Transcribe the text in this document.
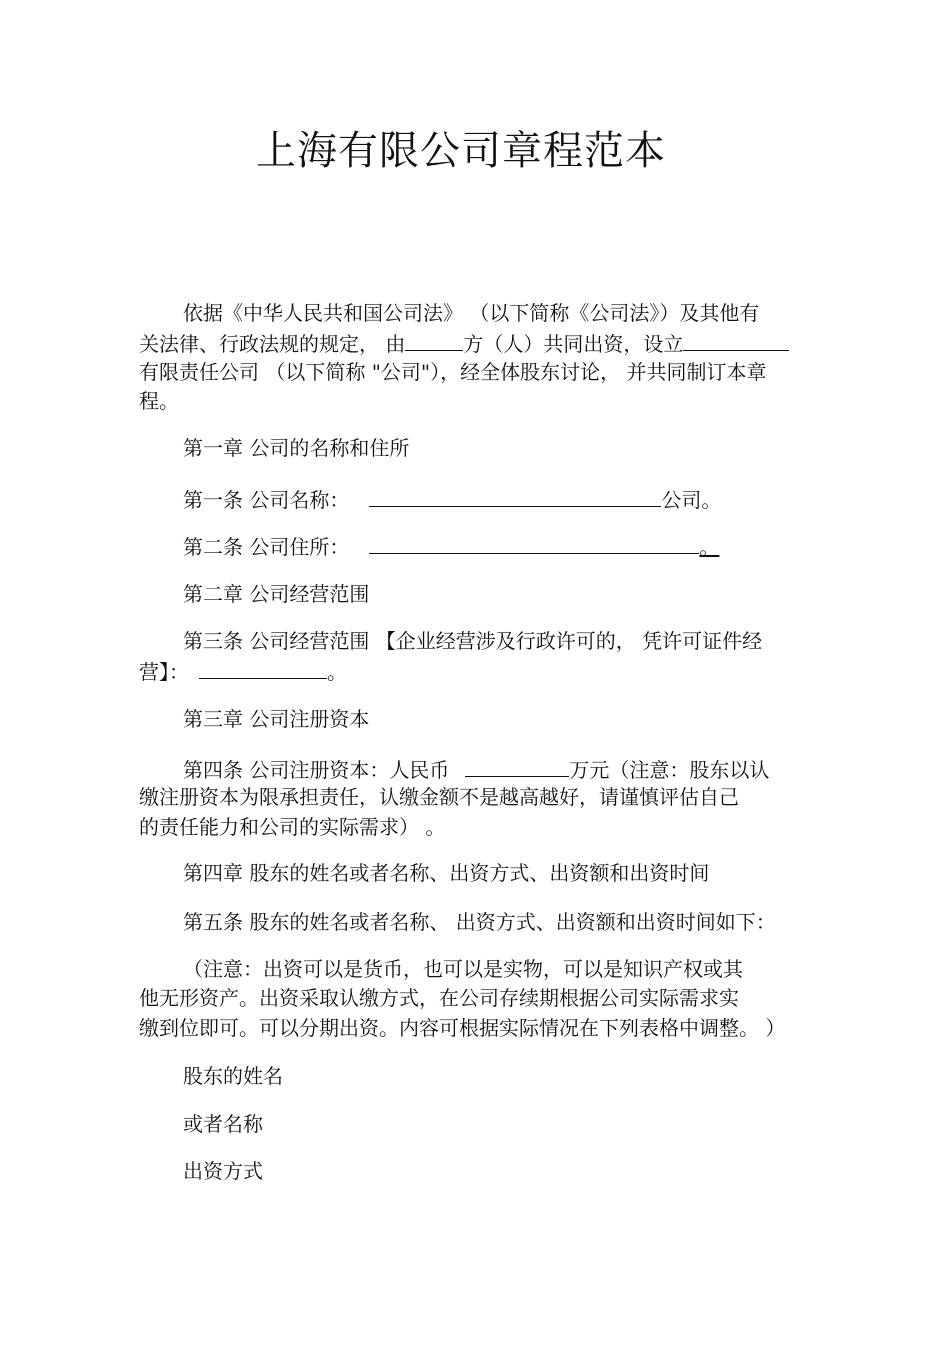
上海有限公司章程范本

依据《中华人民共和国公司法》 （以下简称《公司法》）及其他有

关法律、行政法规的规定， 由	方（人）共同出资，设立

有限责任公司 （以下简称 "公司"），经全体股东讨论， 并共同制订本章

程。

第一章 公司的名称和住所

第一条 公司名称：	公司。

第二条 公司住所：	。

第二章 公司经营范围

第三条 公司经营范围 【企业经营涉及行政许可的， 凭许可证件经

营】：	。

第三章 公司注册资本

第四条 公司注册资本：人民币	万元（注意：股东以认

缴注册资本为限承担责任，认缴金额不是越高越好，请谨慎评估自己

的责任能力和公司的实际需求） 。

第四章 股东的姓名或者名称、出资方式、出资额和出资时间

第五条 股东的姓名或者名称、 出资方式、出资额和出资时间如下：

（注意：出资可以是货币，也可以是实物，可以是知识产权或其

他无形资产。出资采取认缴方式，在公司存续期根据公司实际需求实

缴到位即可。可以分期出资。内容可根据实际情况在下列表格中调整。 ）

股东的姓名

或者名称

出资方式
